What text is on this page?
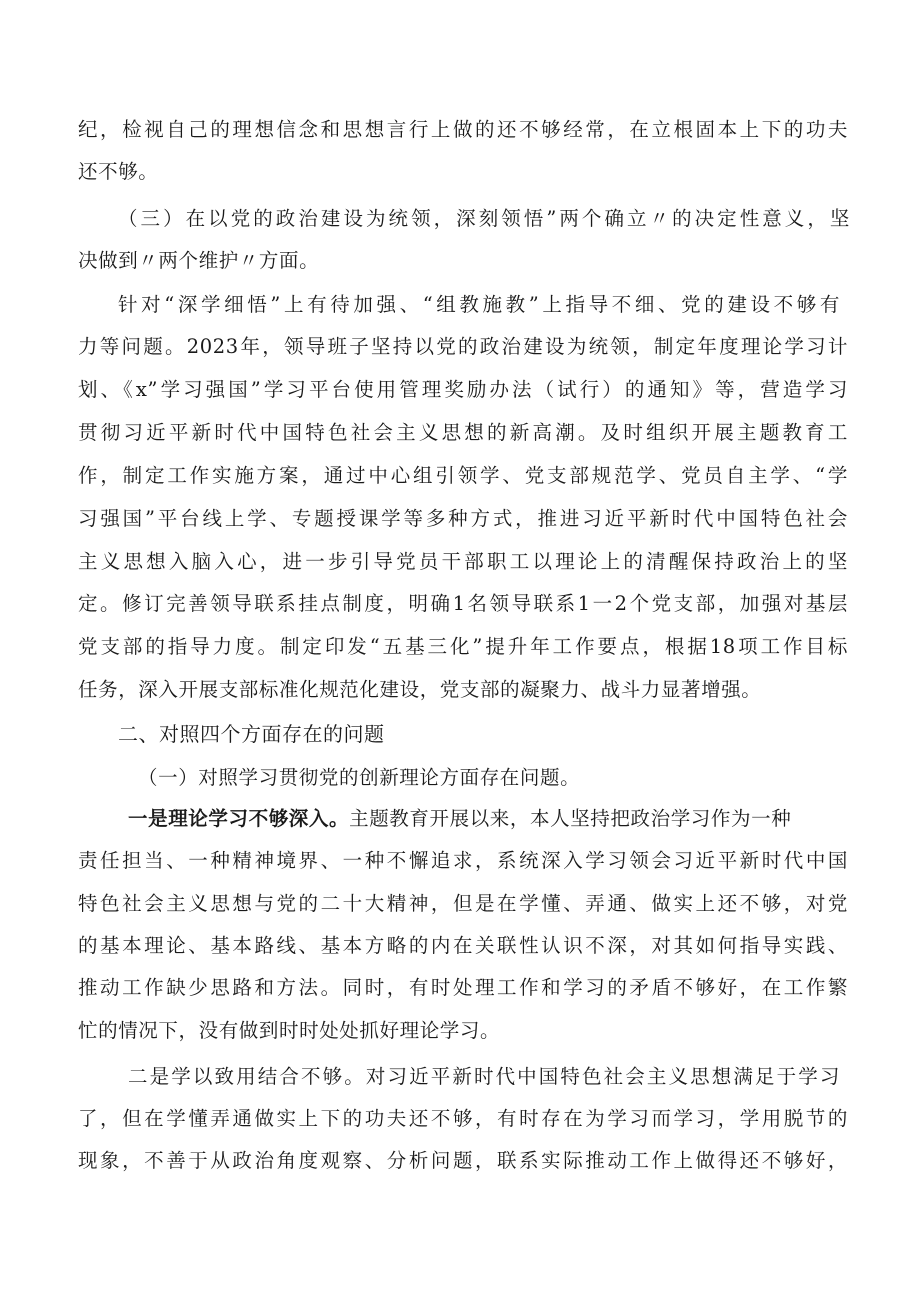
纪，检视自己的理想信念和思想言行上做的还不够经常，在立根固本上下的功夫
还不够。
（三）在以党的政治建设为统领，深刻领悟”两个确立〃的决定性意义，坚
决做到〃两个维护〃方面。
针对“深学细悟”上有待加强、“组教施教”上指导不细、党的建设不够有
力等问题。2023年，领导班子坚持以党的政治建设为统领，制定年度理论学习计
划、《x”学习强国”学习平台使用管理奖励办法（试行）的通知》等，营造学习
贯彻习近平新时代中国特色社会主义思想的新高潮。及时组织开展主题教育工
作，制定工作实施方案，通过中心组引领学、党支部规范学、党员自主学、“学
习强国”平台线上学、专题授课学等多种方式，推进习近平新时代中国特色社会
主义思想入脑入心，进一步引导党员干部职工以理论上的清醒保持政治上的坚
定。修订完善领导联系挂点制度，明确1名领导联系1一2个党支部，加强对基层
党支部的指导力度。制定印发“五基三化”提升年工作要点，根据18项工作目标
任务，深入开展支部标准化规范化建设，党支部的凝聚力、战斗力显著增强。
二、对照四个方面存在的问题
（一）对照学习贯彻党的创新理论方面存在问题。
一是理论学习不够深入。主题教育开展以来，本人坚持把政治学习作为一种
责任担当、一种精神境界、一种不懈追求，系统深入学习领会习近平新时代中国
特色社会主义思想与党的二十大精神，但是在学懂、弄通、做实上还不够，对党
的基本理论、基本路线、基本方略的内在关联性认识不深，对其如何指导实践、
推动工作缺少思路和方法。同时，有时处理工作和学习的矛盾不够好，在工作繁
忙的情况下，没有做到时时处处抓好理论学习。
二是学以致用结合不够。对习近平新时代中国特色社会主义思想满足于学习
了，但在学懂弄通做实上下的功夫还不够，有时存在为学习而学习，学用脱节的
现象，不善于从政治角度观察、分析问题，联系实际推动工作上做得还不够好，
